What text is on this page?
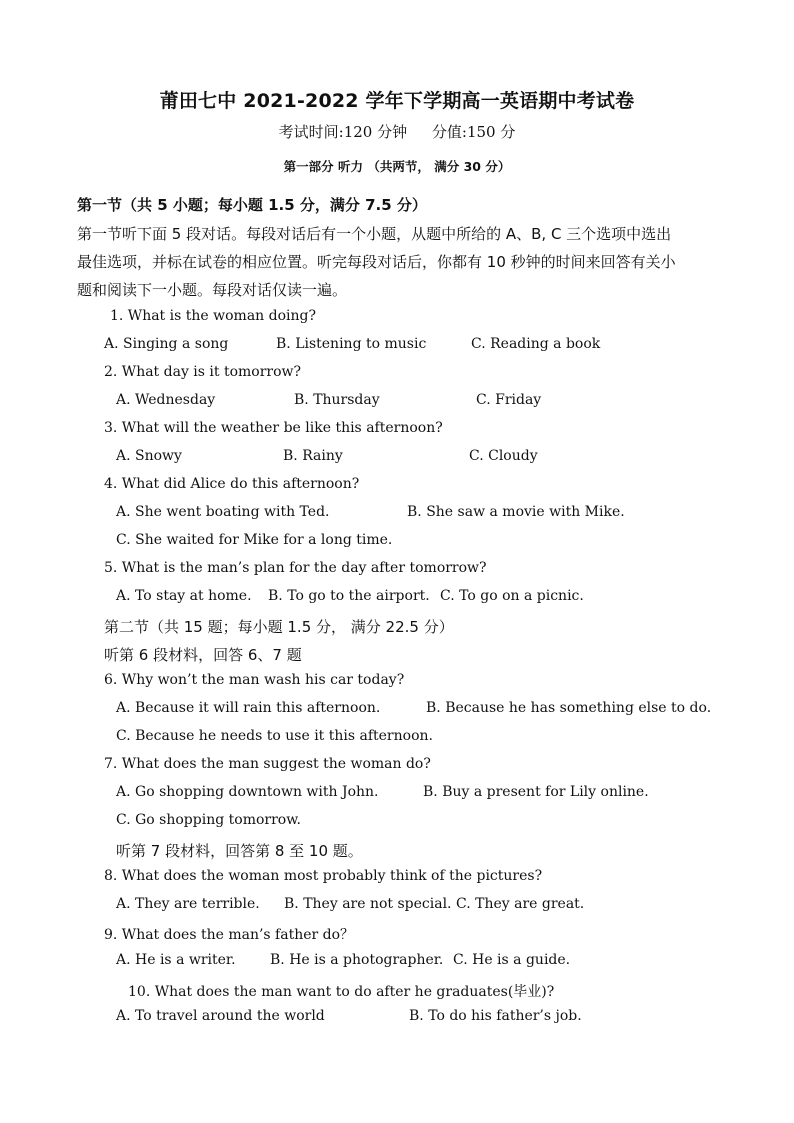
莆田七中 2021-2022 学年下学期高一英语期中考试卷
考试时间:120 分钟 分值:150 分
第一部分 听力 （共两节， 满分 30 分）
第一节（共 5 小题；每小题 1.5 分，满分 7.5 分）
第一节听下面 5 段对话。每段对话后有一个小题，从题中所给的 A、B, C 三个选项中选出
最佳选项，并标在试卷的相应位置。听完每段对话后，你都有 10 秒钟的时间来回答有关小
题和阅读下一小题。每段对话仅读一遍。
1. What is the woman doing?
A. Singing a song	B. Listening to music	C. Reading a book
2. What day is it tomorrow?
A. Wednesday	B. Thursday	C. Friday
3. What will the weather be like this afternoon?
A. Snowy	B. Rainy	C. Cloudy
4. What did Alice do this afternoon?
A. She went boating with Ted.	B. She saw a movie with Mike.
C. She waited for Mike for a long time.
5. What is the man’s plan for the day after tomorrow?
A. To stay at home. B. To go to the airport. C. To go on a picnic.
第二节（共 15 题；每小题 1.5 分， 满分 22.5 分）
听第 6 段材料，回答 6、7 题
6. Why won’t the man wash his car today?
A. Because it will rain this afternoon.	B. Because he has something else to do.
C. Because he needs to use it this afternoon.
7. What does the man suggest the woman do?
A. Go shopping downtown with John.	B. Buy a present for Lily online.
C. Go shopping tomorrow.
听第 7 段材料，回答第 8 至 10 题。
8. What does the woman most probably think of the pictures?
A. They are terrible. B. They are not special. C. They are great.
9. What does the man’s father do？
A. He is a writer. B. He is a photographer. C. He is a guide.
10. What does the man want to do after he graduates(毕业)?
A. To travel around the world	B. To do his father’s job.
